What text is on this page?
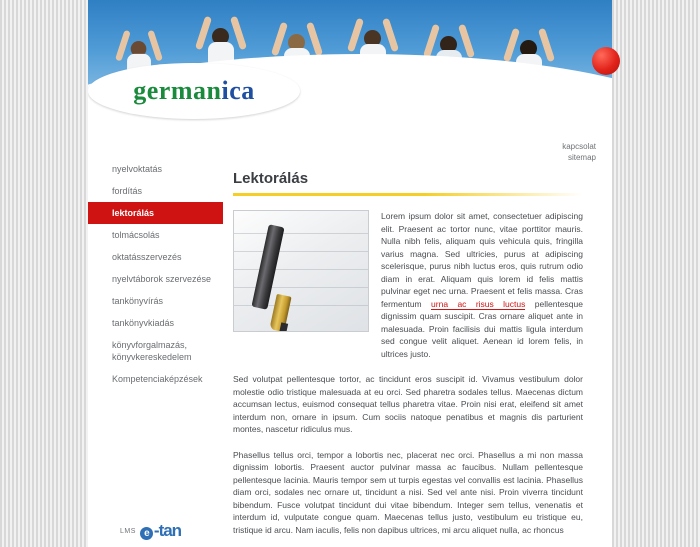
germanica
kapcsolat
sitemap
Lektorálás
Lorem ipsum dolor sit amet, consectetuer adipiscing elit. Praesent ac tortor nunc, vitae porttitor mauris. Nulla nibh felis, aliquam quis vehicula quis, fringilla varius magna. Sed ultricies, purus at adipiscing scelerisque, purus nibh luctus eros, quis rutrum odio diam in erat. Aliquam quis lorem id felis mattis pulvinar eget nec urna. Praesent et felis massa. Cras fermentum urna ac risus luctus pellentesque dignissim quam suscipit. Cras ornare aliquet ante in malesuada. Proin facilisis dui mattis ligula interdum sed congue velit aliquet. Aenean id lorem felis, in ultrices justo.

Sed volutpat pellentesque tortor, ac tincidunt eros suscipit id. Vivamus vestibulum dolor molestie odio tristique malesuada at eu orci. Sed pharetra sodales tellus. Maecenas dictum accumsan lectus, euismod consequat tellus pharetra vitae. Proin nisi erat, eleifend sit amet interdum non, ornare in ipsum. Cum sociis natoque penatibus et magnis dis parturient montes, nascetur ridiculus mus.

Phasellus tellus orci, tempor a lobortis nec, placerat nec orci. Phasellus a mi non massa dignissim lobortis. Praesent auctor pulvinar massa ac faucibus. Nullam pellentesque pellentesque lacinia. Mauris tempor sem ut turpis egestas vel convallis est lacinia. Phasellus diam orci, sodales nec ornare ut, tincidunt a nisi. Sed vel ante nisi. Proin viverra tincidunt bibendum. Fusce volutpat tincidunt dui vitae bibendum. Integer sem tellus, venenatis et interdum id, vulputate congue quam. Maecenas tellus justo, vestibulum eu tristique eu, tristique id arcu. Nam iaculis, felis non dapibus ultrices, mi arcu aliquet nulla, ac rhoncus

nyelvoktatás
fordítás
lektorálás
tolmácsolás
oktatásszervezés
nyelvtáborok szervezése
tankönyvírás
tankönyvkiadás
könyvforgalmazás, könyvkereskedelem
Kompetenciaképzések
LMS e -tan
